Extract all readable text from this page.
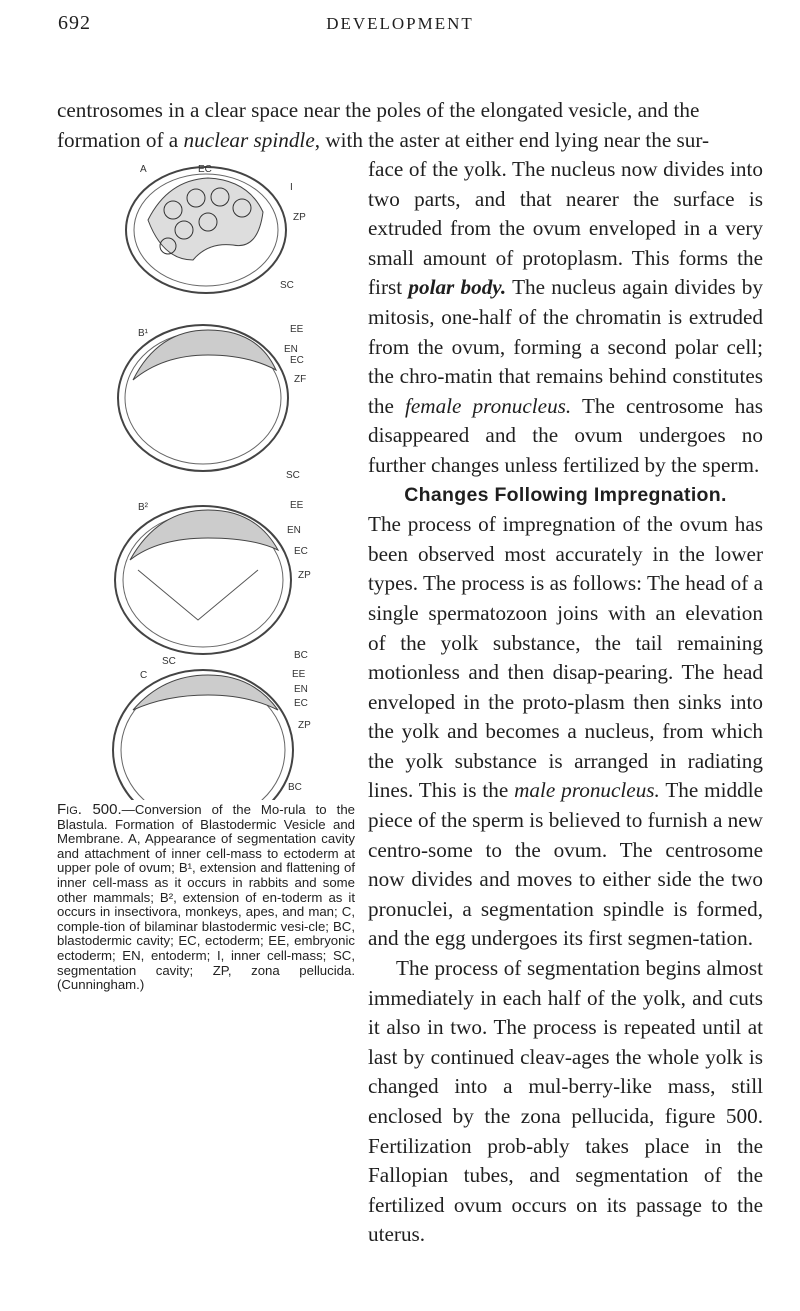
692	DEVELOPMENT

centrosomes in a clear space near the poles of the elongated vesicle, and the

formation of a nuclear spindle, with the aster at either end lying near the sur-

face of the yolk. The nucleus now divides into two parts, and that nearer the surface is extruded from the ovum enveloped in a very small amount of protoplasm. This forms the first polar body. The nucleus again divides by mitosis, one-half of the chromatin is extruded from the ovum, forming a second polar cell; the chro-matin that remains behind constitutes the female pronucleus. The centrosome has disappeared and the ovum undergoes no further changes unless fertilized by the sperm.

Changes Following Impregnation.

The process of impregnation of the ovum has been observed most accurately in the lower types. The process is as follows: The head of a single spermatozoon joins with an elevation of the yolk substance, the tail remaining motionless and then disap-pearing. The head enveloped in the proto-plasm then sinks into the yolk and becomes a nucleus, from which the yolk substance is arranged in radiating lines. This is the male pronucleus. The middle piece of the sperm is believed to furnish a new centro-some to the ovum. The centrosome now divides and moves to either side the two pronuclei, a segmentation spindle is formed, and the egg undergoes its first segmen-tation.

The process of segmentation begins almost immediately in each half of the yolk, and cuts it also in two. The process is repeated until at last by continued cleav-ages the whole yolk is changed into a mul-berry-like mass, still enclosed by the zona pellucida, figure 500. Fertilization prob-ably takes place in the Fallopian tubes, and segmentation of the fertilized ovum occurs on its passage to the uterus.

A	EC
I
ZP
SC
B¹	EE
EN
EC
ZF
SC
B²	EE
EN
EC
ZP
BC
SC
C	EE
EN
EC
ZP
BC
Fig. 500.—Conversion of the Mo-rula to the Blastula. Formation of Blastodermic Vesicle and Membrane. A, Appearance of segmentation cavity and attachment of inner cell-mass to ectoderm at upper pole of ovum; B¹, extension and flattening of inner cell-mass as it occurs in rabbits and some other mammals; B², extension of en-toderm as it occurs in insectivora, monkeys, apes, and man; C, comple-tion of bilaminar blastodermic vesi-cle; BC, blastodermic cavity; EC, ectoderm; EE, embryonic ectoderm; EN, entoderm; I, inner cell-mass; SC, segmentation cavity; ZP, zona pellucida. (Cunningham.)
